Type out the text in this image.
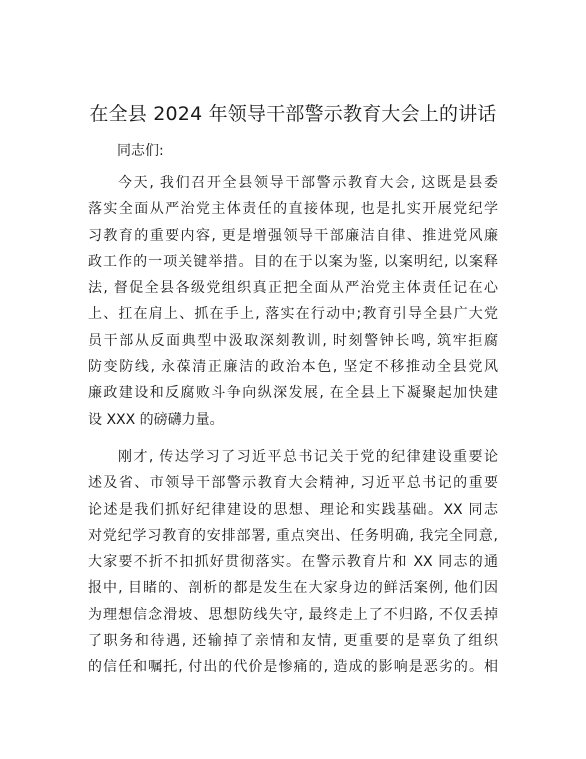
在全县 2024 年领导干部警示教育大会上的讲话
同志们:
今天, 我们召开全县领导干部警示教育大会, 这既是县委
落实全面从严治党主体责任的直接体现, 也是扎实开展党纪学
习教育的重要内容, 更是增强领导干部廉洁自律、推进党风廉
政工作的一项关键举措。目的在于以案为鉴, 以案明纪, 以案释
法, 督促全县各级党组织真正把全面从严治党主体责任记在心
上、扛在肩上、抓在手上, 落实在行动中;教育引导全县广大党
员干部从反面典型中汲取深刻教训, 时刻警钟长鸣, 筑牢拒腐
防变防线, 永葆清正廉洁的政治本色, 坚定不移推动全县党风
廉政建设和反腐败斗争向纵深发展, 在全县上下凝聚起加快建
设 XXX 的磅礴力量。
刚才, 传达学习了习近平总书记关于党的纪律建设重要论
述及省、市领导干部警示教育大会精神, 习近平总书记的重要
论述是我们抓好纪律建设的思想、理论和实践基础。XX 同志
对党纪学习教育的安排部署, 重点突出、任务明确, 我完全同意,
大家要不折不扣抓好贯彻落实。在警示教育片和 XX 同志的通
报中, 目睹的、剖析的都是发生在大家身边的鲜活案例, 他们因
为理想信念滑坡、思想防线失守, 最终走上了不归路, 不仅丢掉
了职务和待遇, 还输掉了亲情和友情, 更重要的是辜负了组织
的信任和嘱托, 付出的代价是惨痛的, 造成的影响是恶劣的。相
